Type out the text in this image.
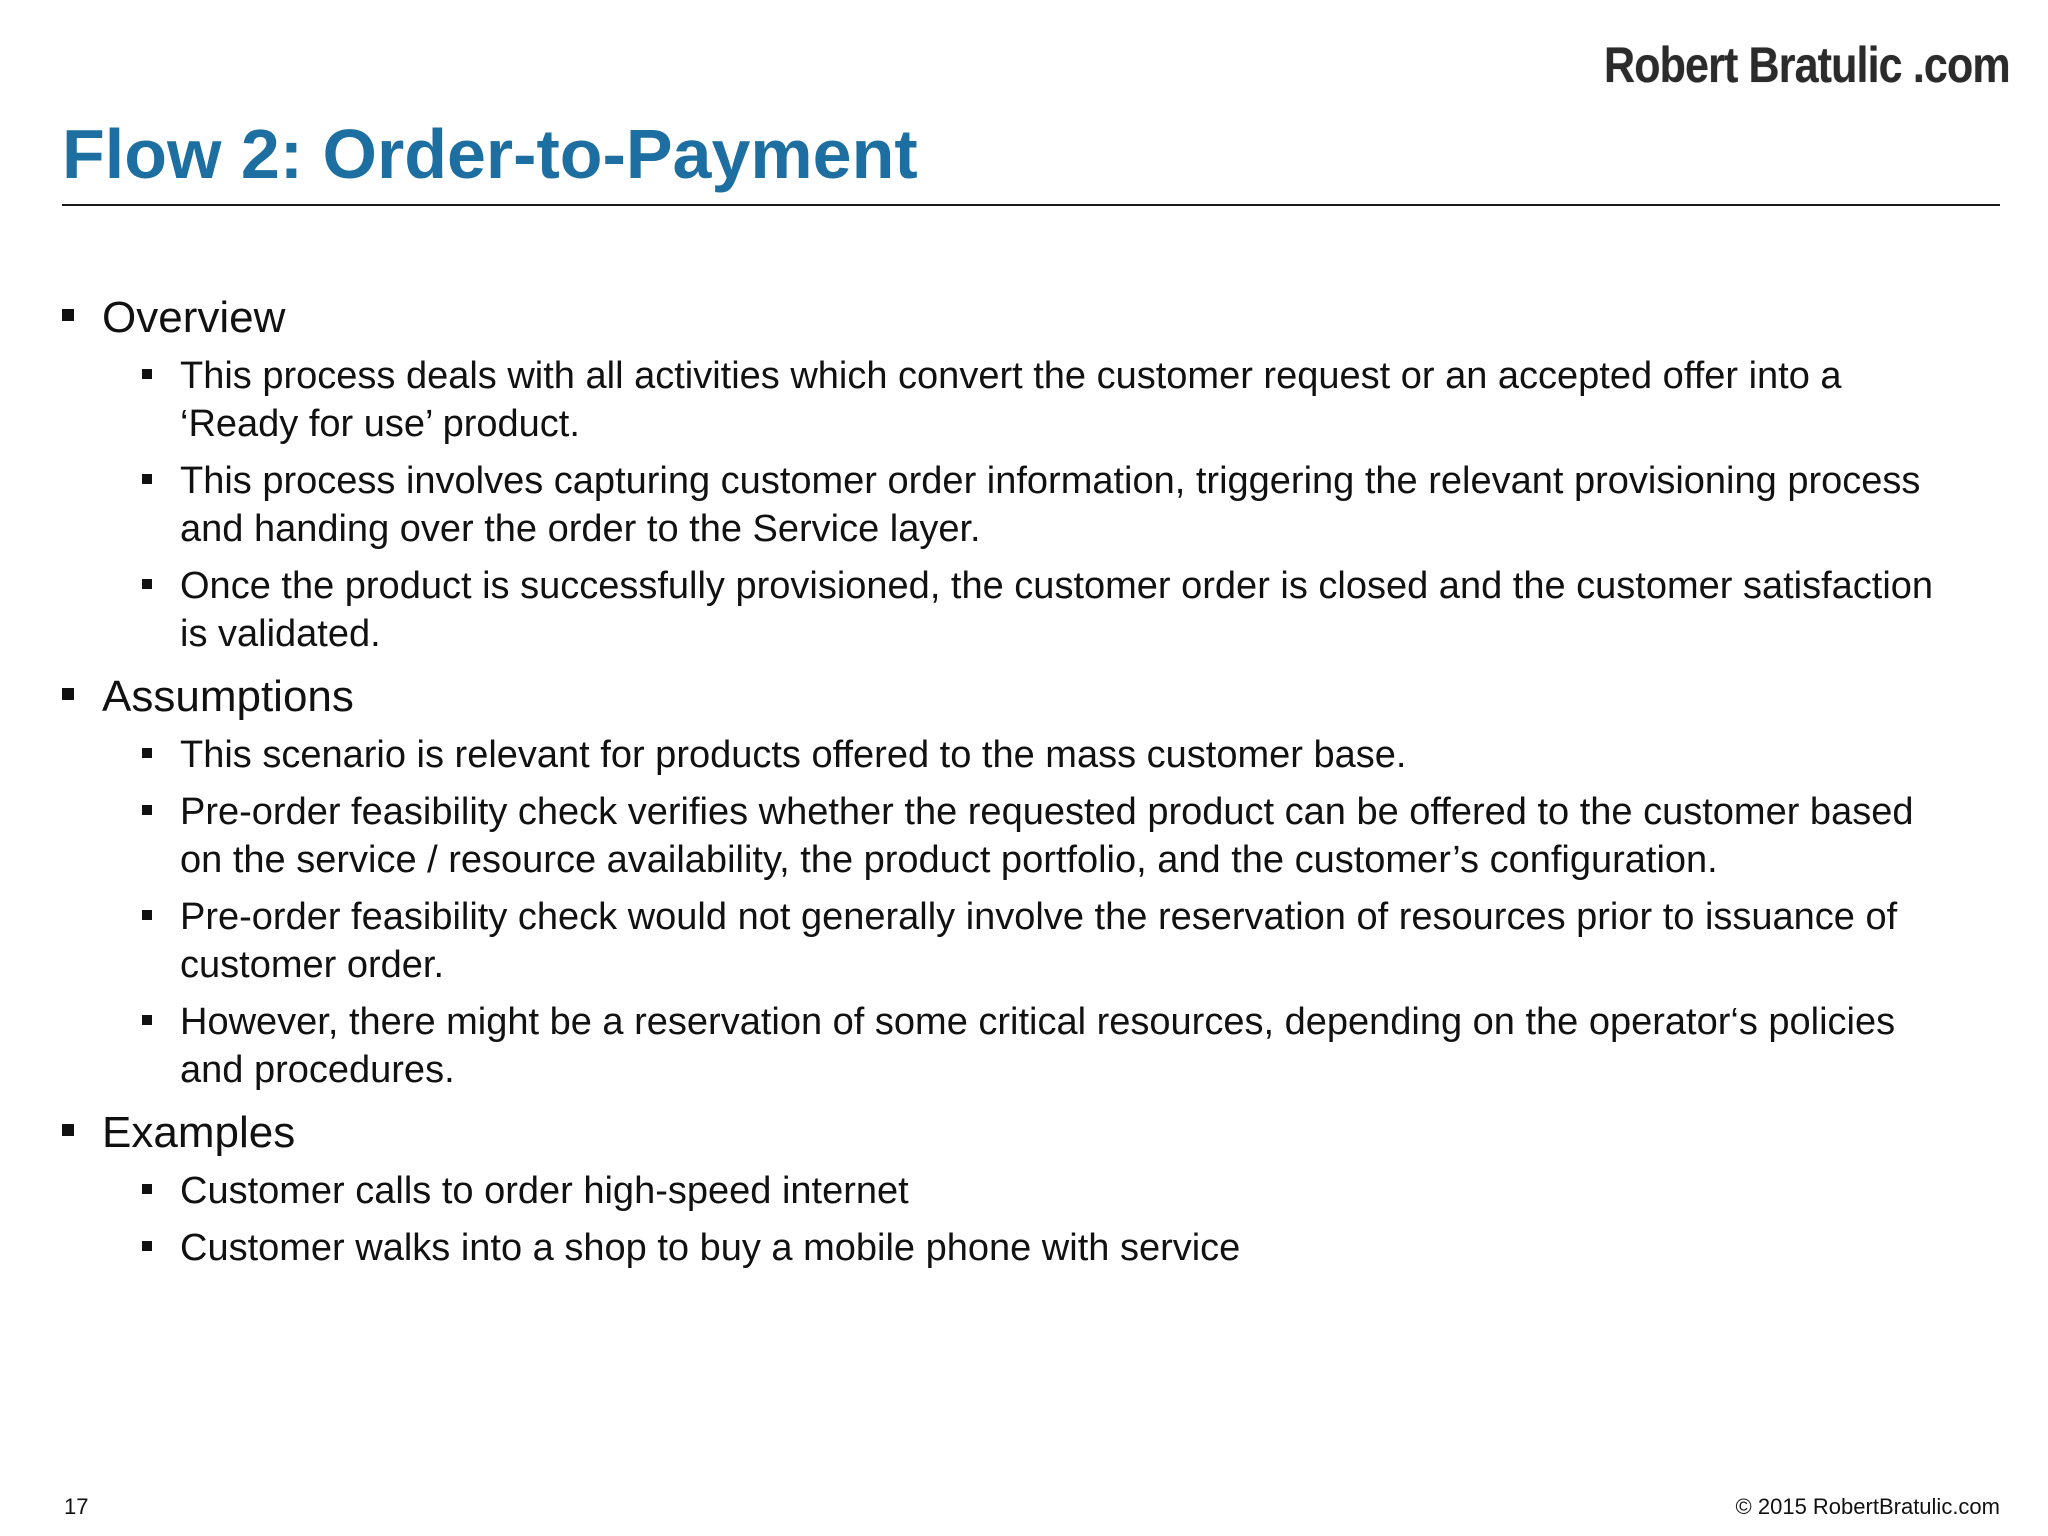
Robert Bratulic .com
Flow 2: Order-to-Payment
Overview
This process deals with all activities which convert the customer request or an accepted offer into a ‘Ready for use’ product.
This process involves capturing customer order information, triggering the relevant provisioning process and handing over the order to the Service layer.
Once the product is successfully provisioned, the customer order is closed and the customer satisfaction is validated.
Assumptions
This scenario is relevant for products offered to the mass customer base.
Pre-order feasibility check verifies whether the requested product can be offered to the customer based on the service / resource availability, the product portfolio, and the customer’s configuration.
Pre-order feasibility check would not generally involve the reservation of resources prior to issuance of customer order.
However, there might be a reservation of some critical resources, depending on the operator‘s policies and procedures.
Examples
Customer calls to order high-speed internet
Customer walks into a shop to buy a mobile phone with service
17	© 2015 RobertBratulic.com
